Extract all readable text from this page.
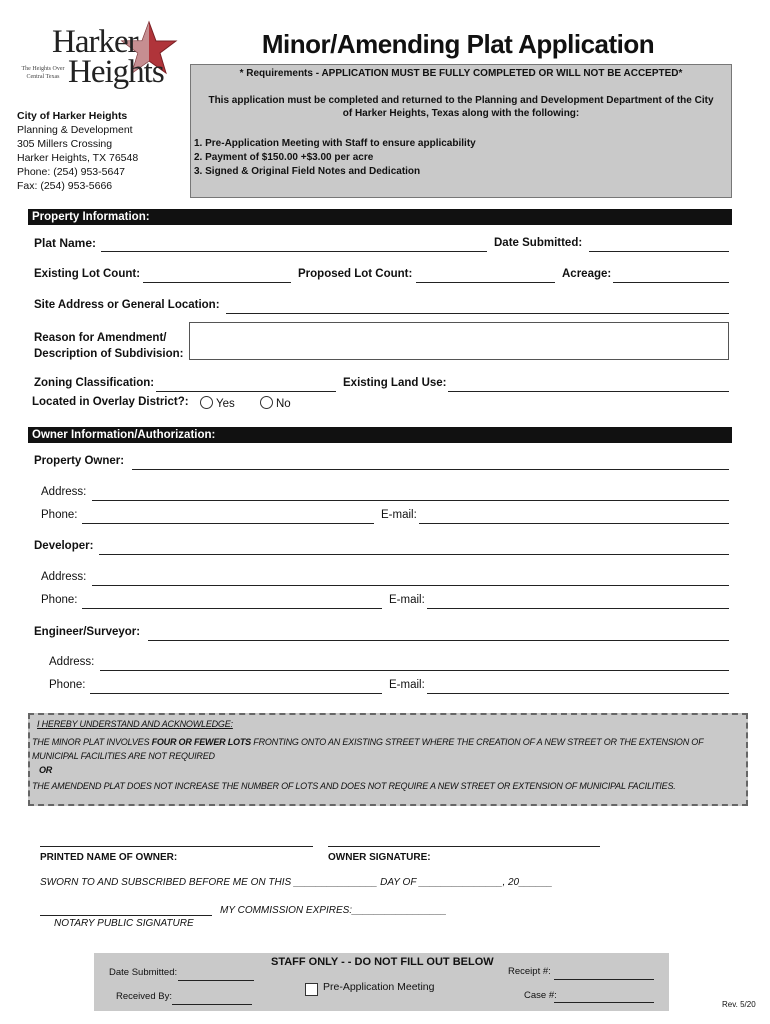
Harker
Heights
The Heights Over Central Texas
Minor/Amending Plat Application
* Requirements - APPLICATION MUST BE FULLY COMPLETED OR WILL NOT BE ACCEPTED*
This application must be completed and returned to the Planning and Development Department of the City
of Harker Heights, Texas along with the following:
1. Pre-Application Meeting with Staff to ensure applicability
2. Payment of $150.00 +$3.00 per acre
3. Signed & Original Field Notes and Dedication
City of Harker Heights
Planning & Development
305 Millers Crossing
Harker Heights, TX 76548
Phone: (254) 953-5647
Fax: (254) 953-5666
Property Information:
Plat Name:	Date Submitted:
Existing Lot Count:	Proposed Lot Count:	Acreage:
Site Address or General Location:
Reason for Amendment/
Description of Subdivision:
Zoning Classification:	Existing Land Use:
Located in Overlay District?:	Yes	No
Owner Information/Authorization:
Property Owner:
Address:
Phone:	E-mail:
Developer:
Address:
Phone:	E-mail:
Engineer/Surveyor:
Address:
Phone:	E-mail:
I HEREBY UNDERSTAND AND ACKNOWLEDGE:
THE MINOR PLAT INVOLVES FOUR OR FEWER LOTS FRONTING ONTO AN EXISTING STREET WHERE THE CREATION OF A NEW STREET OR THE EXTENSION OF
MUNICIPAL FACILITIES ARE NOT REQUIRED
OR
THE AMENDEND PLAT DOES NOT INCREASE THE NUMBER OF LOTS AND DOES NOT REQUIRE A NEW STREET OR EXTENSION OF MUNICIPAL FACILITIES.
PRINTED NAME OF OWNER:	OWNER SIGNATURE:
SWORN TO AND SUBSCRIBED BEFORE ME ON THIS _______________ DAY OF _______________, 20______
MY COMMISSION EXPIRES:_________________
NOTARY PUBLIC SIGNATURE
STAFF ONLY - - DO NOT FILL OUT BELOW
Date Submitted:
Received By:
Pre-Application Meeting
Receipt #:
Case #:
Rev. 5/20
